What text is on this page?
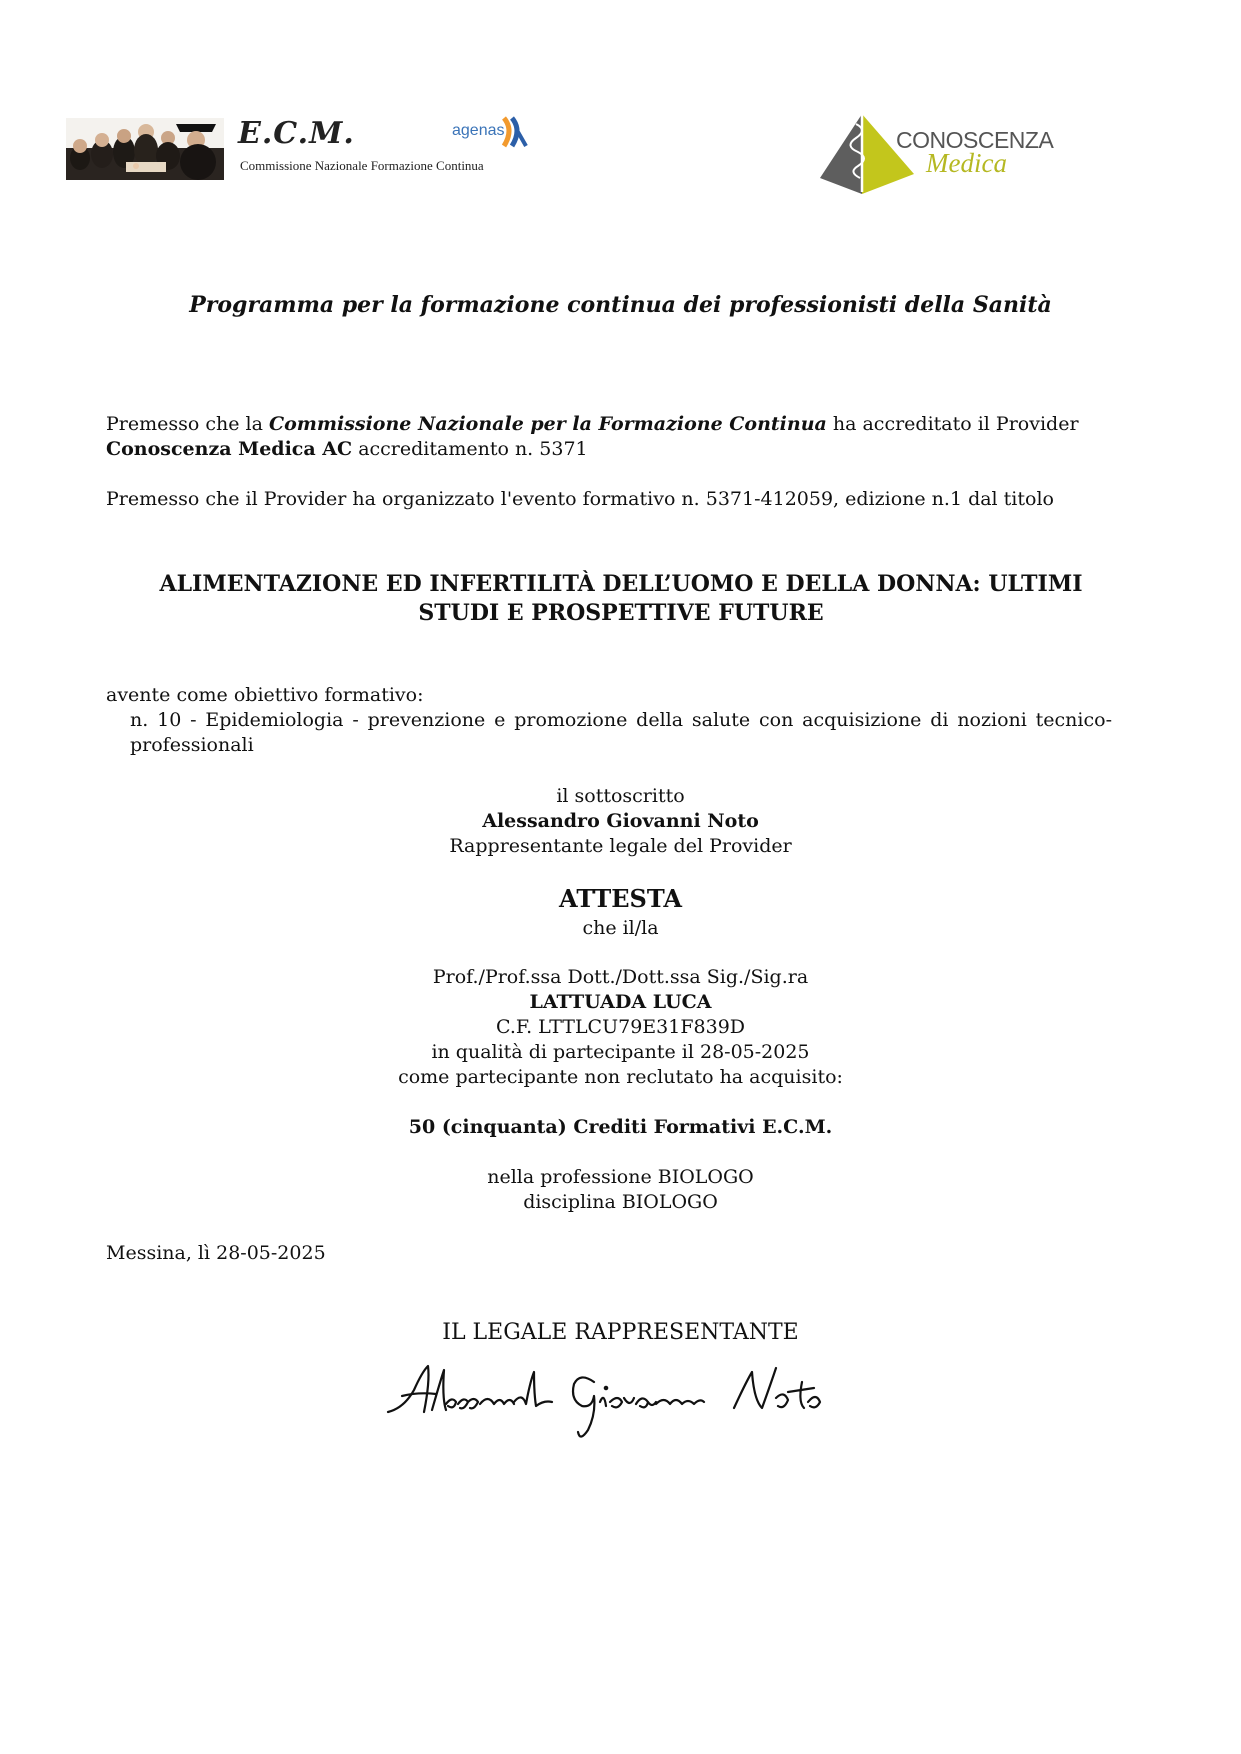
E.C.M.
Commissione Nazionale Formazione Continua
agenas	CONOSCENZA
Medica
Programma per la formazione continua dei professionisti della Sanità
Premesso che la Commissione Nazionale per la Formazione Continua ha accreditato il Provider
Conoscenza Medica AC accreditamento n. 5371
Premesso che il Provider ha organizzato l'evento formativo n. 5371-412059, edizione n.1 dal titolo
ALIMENTAZIONE ED INFERTILITÀ DELL’UOMO E DELLA DONNA: ULTIMI
STUDI E PROSPETTIVE FUTURE
avente come obiettivo formativo:
n. 10 - Epidemiologia - prevenzione e promozione della salute con acquisizione di nozioni tecnico-professionali
il sottoscritto
Alessandro Giovanni Noto
Rappresentante legale del Provider
ATTESTA
che il/la
Prof./Prof.ssa Dott./Dott.ssa Sig./Sig.ra
LATTUADA LUCA
C.F. LTTLCU79E31F839D
in qualità di partecipante il 28-05-2025
come partecipante non reclutato ha acquisito:
50 (cinquanta) Crediti Formativi E.C.M.
nella professione BIOLOGO
disciplina BIOLOGO
Messina, lì 28-05-2025
IL LEGALE RAPPRESENTANTE
